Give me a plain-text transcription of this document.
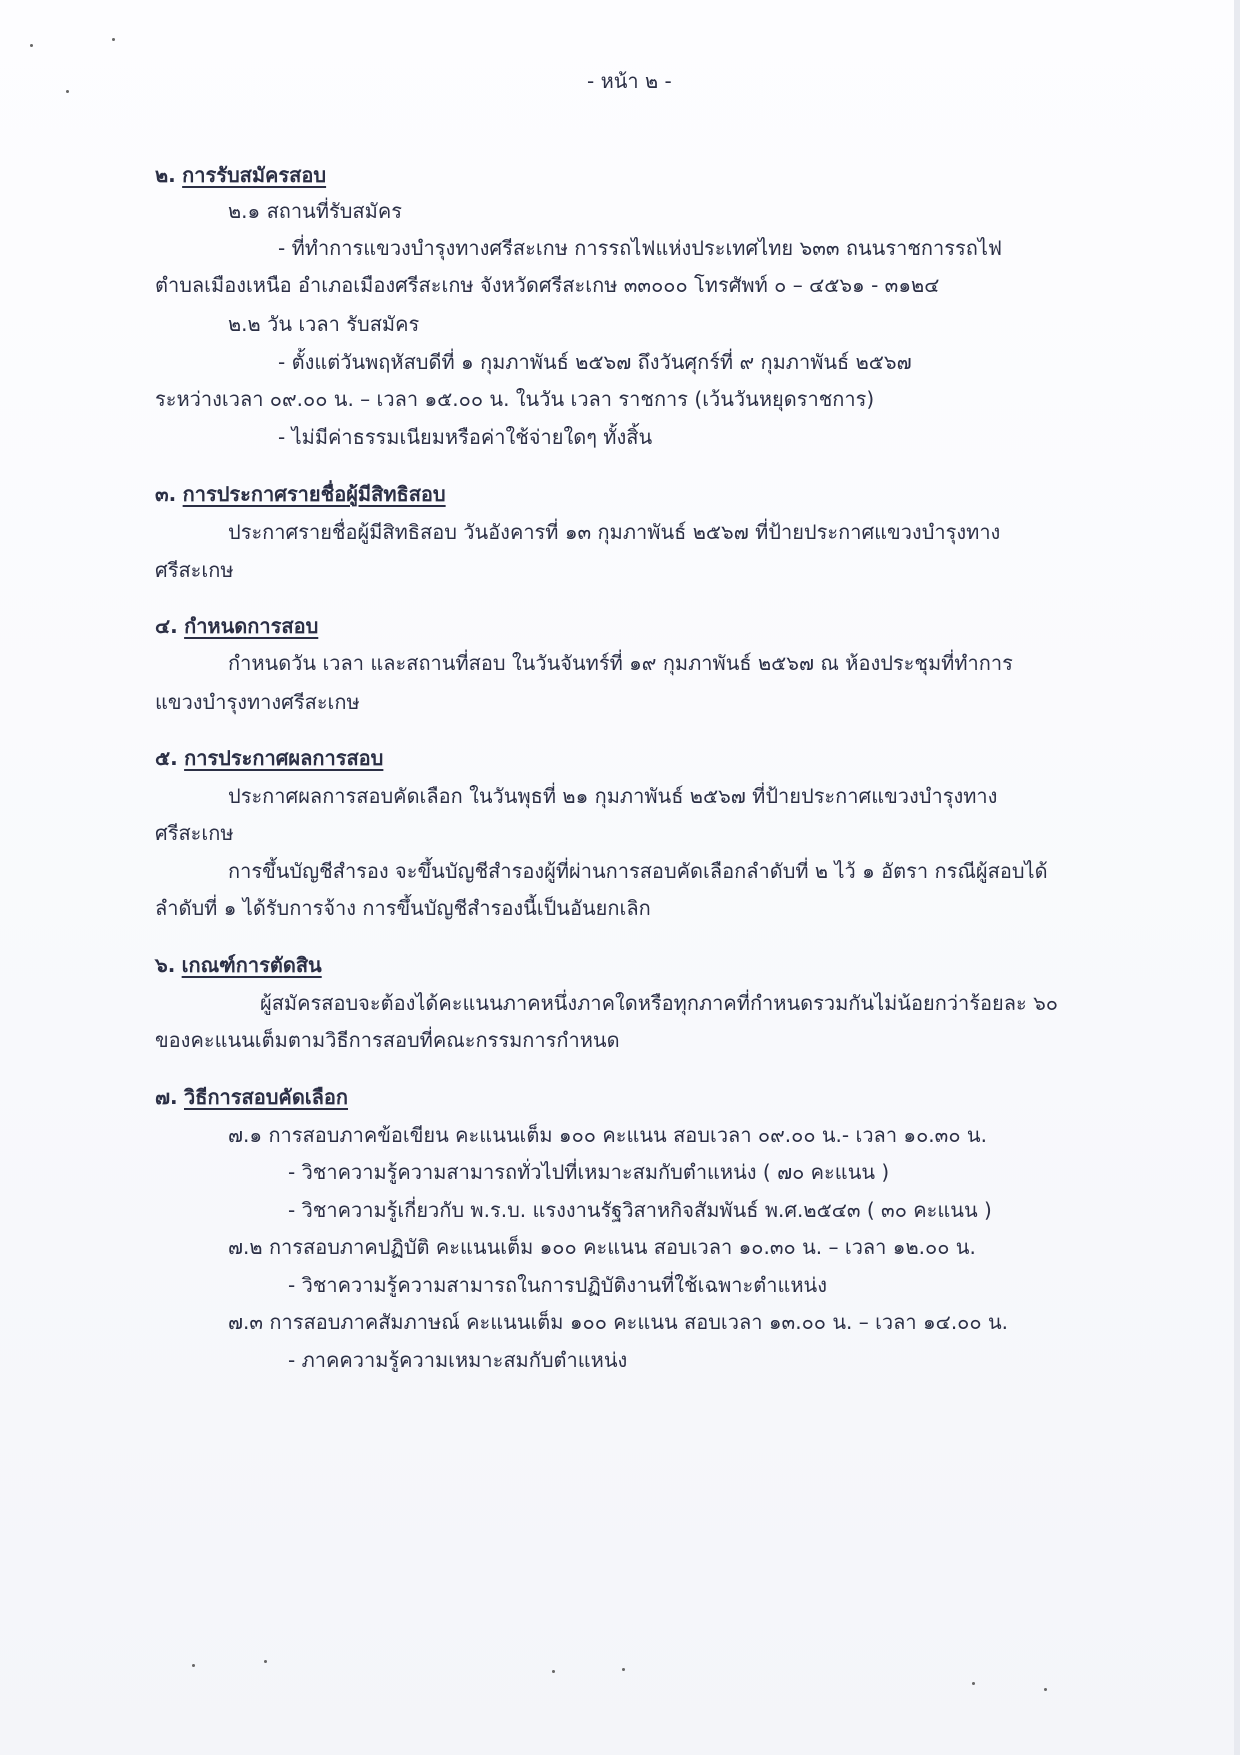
- หน้า ๒ -

๒. การรับสมัครสอบ

๒.๑ สถานที่รับสมัคร

- ที่ทำการแขวงบำรุงทางศรีสะเกษ การรถไฟแห่งประเทศไทย ๖๓๓ ถนนราชการรถไฟ

ตำบลเมืองเหนือ อำเภอเมืองศรีสะเกษ จังหวัดศรีสะเกษ ๓๓๐๐๐ โทรศัพท์ ๐ – ๔๕๖๑ - ๓๑๒๔

๒.๒ วัน เวลา รับสมัคร

- ตั้งแต่วันพฤหัสบดีที่ ๑ กุมภาพันธ์ ๒๕๖๗ ถึงวันศุกร์ที่ ๙ กุมภาพันธ์ ๒๕๖๗

ระหว่างเวลา ๐๙.๐๐ น. – เวลา ๑๕.๐๐ น. ในวัน เวลา ราชการ (เว้นวันหยุดราชการ)

- ไม่มีค่าธรรมเนียมหรือค่าใช้จ่ายใดๆ ทั้งสิ้น

๓. การประกาศรายชื่อผู้มีสิทธิสอบ

ประกาศรายชื่อผู้มีสิทธิสอบ วันอังคารที่ ๑๓ กุมภาพันธ์ ๒๕๖๗ ที่ป้ายประกาศแขวงบำรุงทาง

ศรีสะเกษ

๔. กำหนดการสอบ

กำหนดวัน เวลา และสถานที่สอบ ในวันจันทร์ที่ ๑๙ กุมภาพันธ์ ๒๕๖๗ ณ ห้องประชุมที่ทำการ

แขวงบำรุงทางศรีสะเกษ

๕. การประกาศผลการสอบ

ประกาศผลการสอบคัดเลือก ในวันพุธที่ ๒๑ กุมภาพันธ์ ๒๕๖๗ ที่ป้ายประกาศแขวงบำรุงทาง

ศรีสะเกษ

การขึ้นบัญชีสำรอง จะขึ้นบัญชีสำรองผู้ที่ผ่านการสอบคัดเลือกลำดับที่ ๒ ไว้ ๑ อัตรา กรณีผู้สอบได้

ลำดับที่ ๑ ได้รับการจ้าง การขึ้นบัญชีสำรองนี้เป็นอันยกเลิก

๖. เกณฑ์การตัดสิน

ผู้สมัครสอบจะต้องได้คะแนนภาคหนึ่งภาคใดหรือทุกภาคที่กำหนดรวมกันไม่น้อยกว่าร้อยละ ๖๐

ของคะแนนเต็มตามวิธีการสอบที่คณะกรรมการกำหนด

๗. วิธีการสอบคัดเลือก

๗.๑ การสอบภาคข้อเขียน คะแนนเต็ม ๑๐๐ คะแนน สอบเวลา ๐๙.๐๐ น.- เวลา ๑๐.๓๐ น.

- วิชาความรู้ความสามารถทั่วไปที่เหมาะสมกับตำแหน่ง ( ๗๐ คะแนน )

- วิชาความรู้เกี่ยวกับ พ.ร.บ. แรงงานรัฐวิสาหกิจสัมพันธ์ พ.ศ.๒๕๔๓ ( ๓๐ คะแนน )

๗.๒ การสอบภาคปฏิบัติ คะแนนเต็ม ๑๐๐ คะแนน สอบเวลา ๑๐.๓๐ น. – เวลา ๑๒.๐๐ น.

- วิชาความรู้ความสามารถในการปฏิบัติงานที่ใช้เฉพาะตำแหน่ง

๗.๓ การสอบภาคสัมภาษณ์ คะแนนเต็ม ๑๐๐ คะแนน สอบเวลา ๑๓.๐๐ น. – เวลา ๑๔.๐๐ น.

- ภาคความรู้ความเหมาะสมกับตำแหน่ง
